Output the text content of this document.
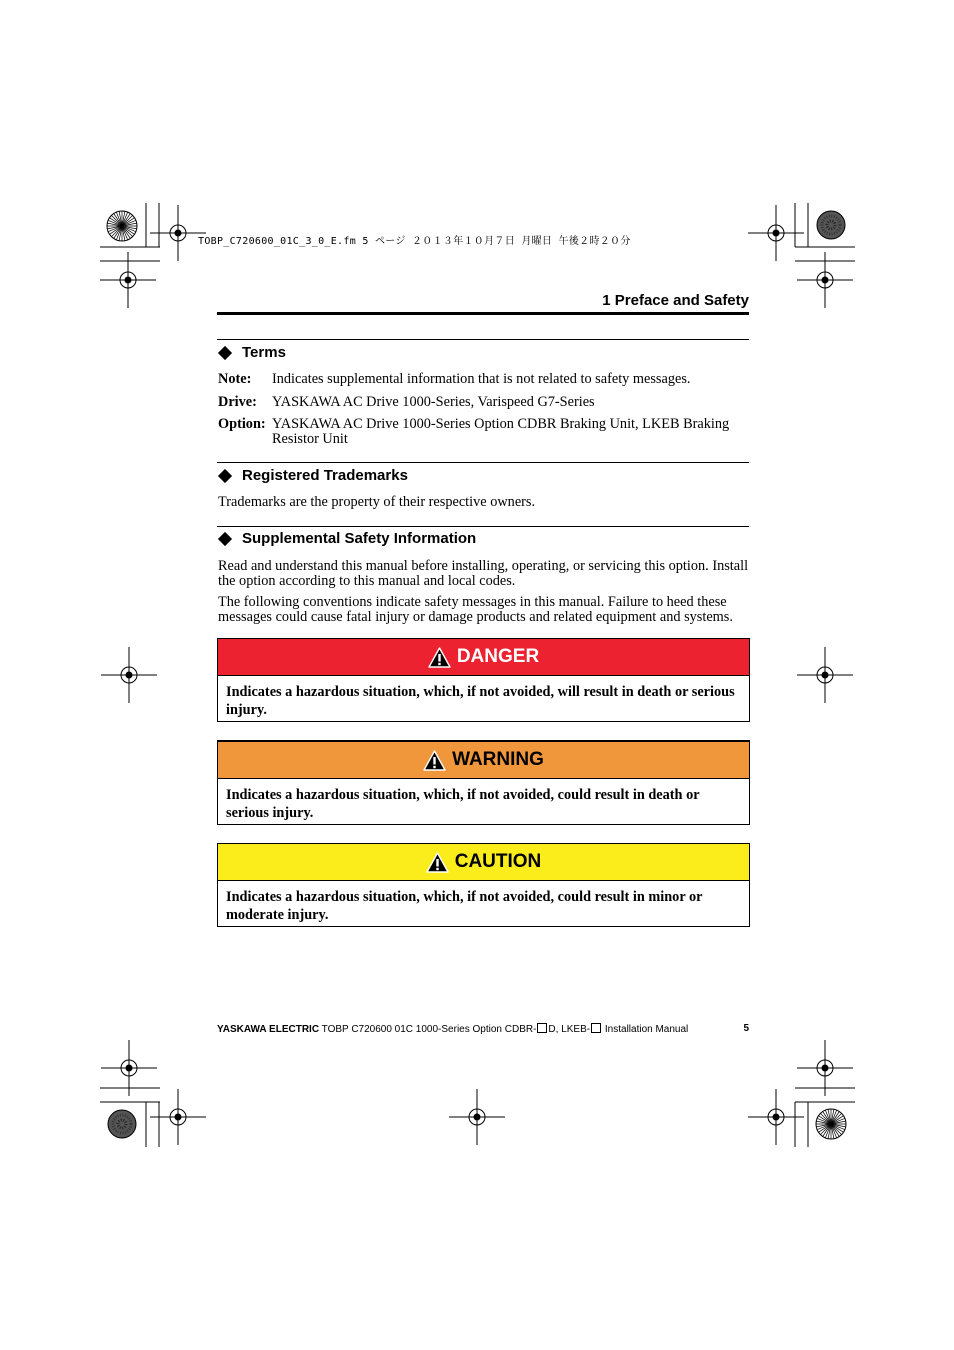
TOBP_C720600_01C_3_0_E.fm 5 ページ ２０１３年１０月７日 月曜日 午後２時２０分
1 Preface and Safety
Terms
Note:	Indicates supplemental information that is not related to safety messages.
Drive:	YASKAWA AC Drive 1000-Series, Varispeed G7-Series
Option: YASKAWA AC Drive 1000-Series Option CDBR Braking Unit, LKEB Braking Resistor Unit
Registered Trademarks
Trademarks are the property of their respective owners.
Supplemental Safety Information
Read and understand this manual before installing, operating, or servicing this option. Install the option according to this manual and local codes.
The following conventions indicate safety messages in this manual. Failure to heed these messages could cause fatal injury or damage products and related equipment and systems.
DANGER
Indicates a hazardous situation, which, if not avoided, will result in death or serious injury.
WARNING
Indicates a hazardous situation, which, if not avoided, could result in death or serious injury.
CAUTION
Indicates a hazardous situation, which, if not avoided, could result in minor or moderate injury.
YASKAWA ELECTRIC TOBP C720600 01C 1000-Series Option CDBR- D, LKEB- Installation Manual	5
